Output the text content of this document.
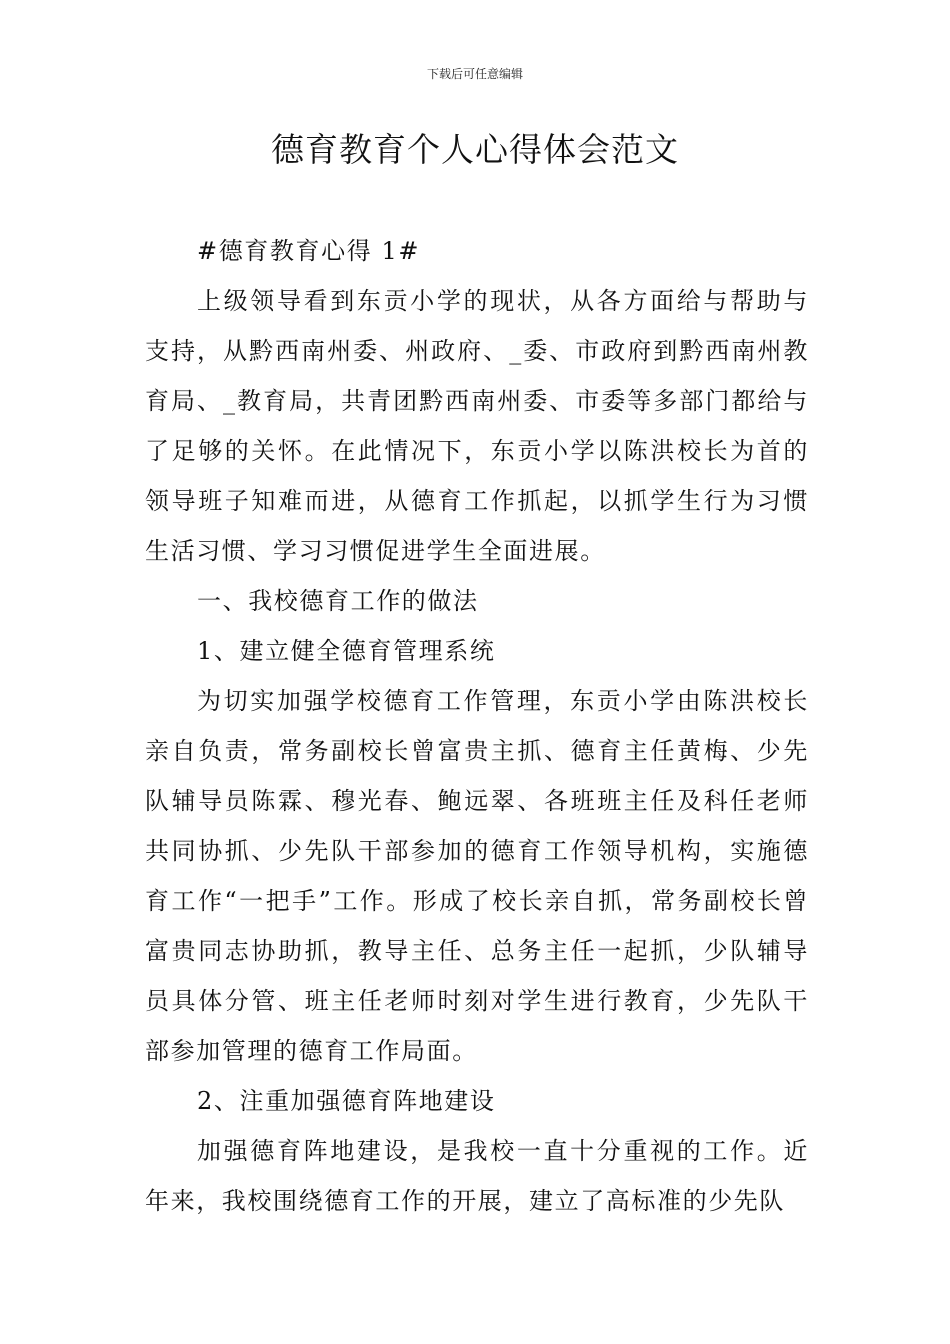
下载后可任意编辑
德育教育个人心得体会范文

#德育教育心得 1#

上级领导看到东贡小学的现状，从各方面给与帮助与支持，从黔西南州委、州政府、_委、市政府到黔西南州教育局、_教育局，共青团黔西南州委、市委等多部门都给与了足够的关怀。在此情况下，东贡小学以陈洪校长为首的领导班子知难而进，从德育工作抓起，以抓学生行为习惯生活习惯、学习习惯促进学生全面进展。

一、我校德育工作的做法

1、建立健全德育管理系统

为切实加强学校德育工作管理，东贡小学由陈洪校长亲自负责，常务副校长曾富贵主抓、德育主任黄梅、少先队辅导员陈霖、穆光春、鲍远翠、各班班主任及科任老师共同协抓、少先队干部参加的德育工作领导机构，实施德育工作“一把手”工作。形成了校长亲自抓，常务副校长曾富贵同志协助抓，教导主任、总务主任一起抓，少队辅导员具体分管、班主任老师时刻对学生进行教育，少先队干部参加管理的德育工作局面。

2、注重加强德育阵地建设

加强德育阵地建设，是我校一直十分重视的工作。近年来，我校围绕德育工作的开展，建立了高标准的少先队
